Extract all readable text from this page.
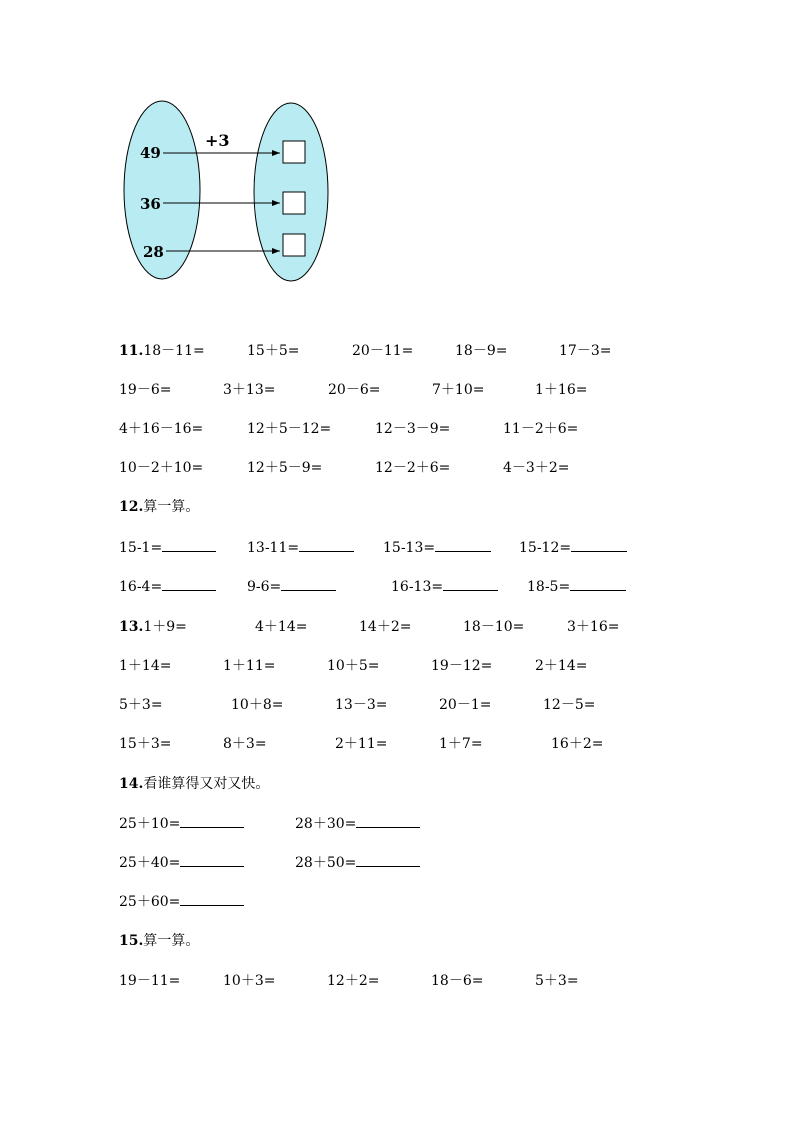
+3
49
36
28
11.18－11=	15＋5=	20－11=	18－9=	17－3=
19－6=	3＋13=	20－6=	7＋10=	1＋16=
4＋16－16=	12＋5－12=	12－3－9=	11－2＋6=
10－2＋10=	12＋5－9=	12－2＋6=	4－3＋2=
12.算一算。
15-1=	13-11=	15-13=	15-12=
16-4=	9-6=	16-13=	18-5=
13.1＋9=	4＋14=	14＋2=	18－10=	3＋16=
1＋14=	1＋11=	10＋5=	19－12=	2＋14=
5＋3=	10＋8=	13－3=	20－1=	12－5=
15＋3=	8＋3=	2＋11=	1＋7=	16＋2=
14.看谁算得又对又快。
25＋10=	28＋30=
25＋40=	28＋50=
25＋60=
15.算一算。
19－11=	10＋3=	12＋2=	18－6=	5＋3=
